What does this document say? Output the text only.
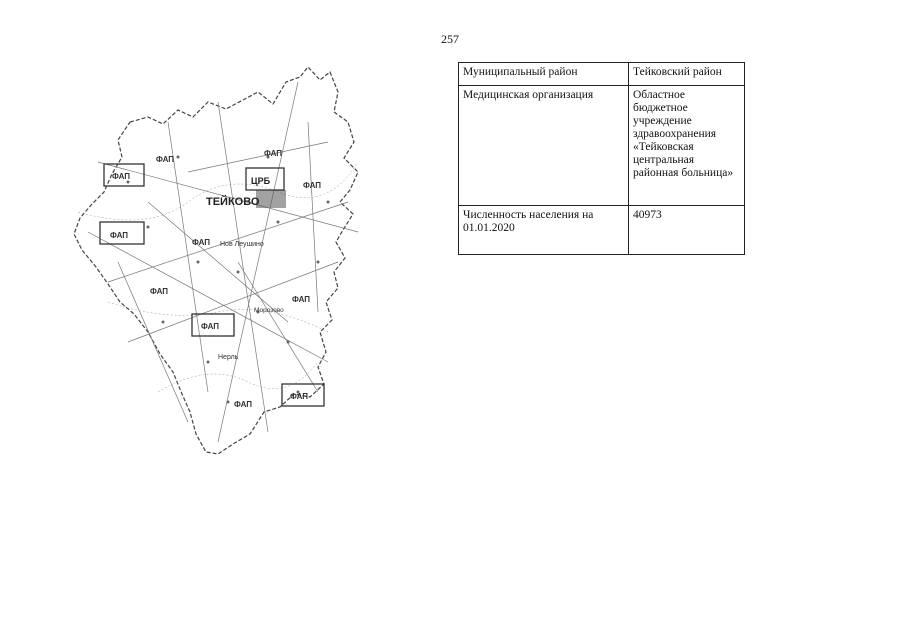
257
ТЕЙКОВО
ЦРБ
ФАП
ФАП
ФАП
ФАП
ФАП
ФАП
ФАП
ФАП
ФАП
ФАП
ФАП
Нов Леушино
Морозово
Нерль
Муниципальный район	Тейковский район
Медицинская организация	Областное бюджетное учреждение здравоохранения «Тейковская центральная районная больница»
Численность населения на 01.01.2020	40973
